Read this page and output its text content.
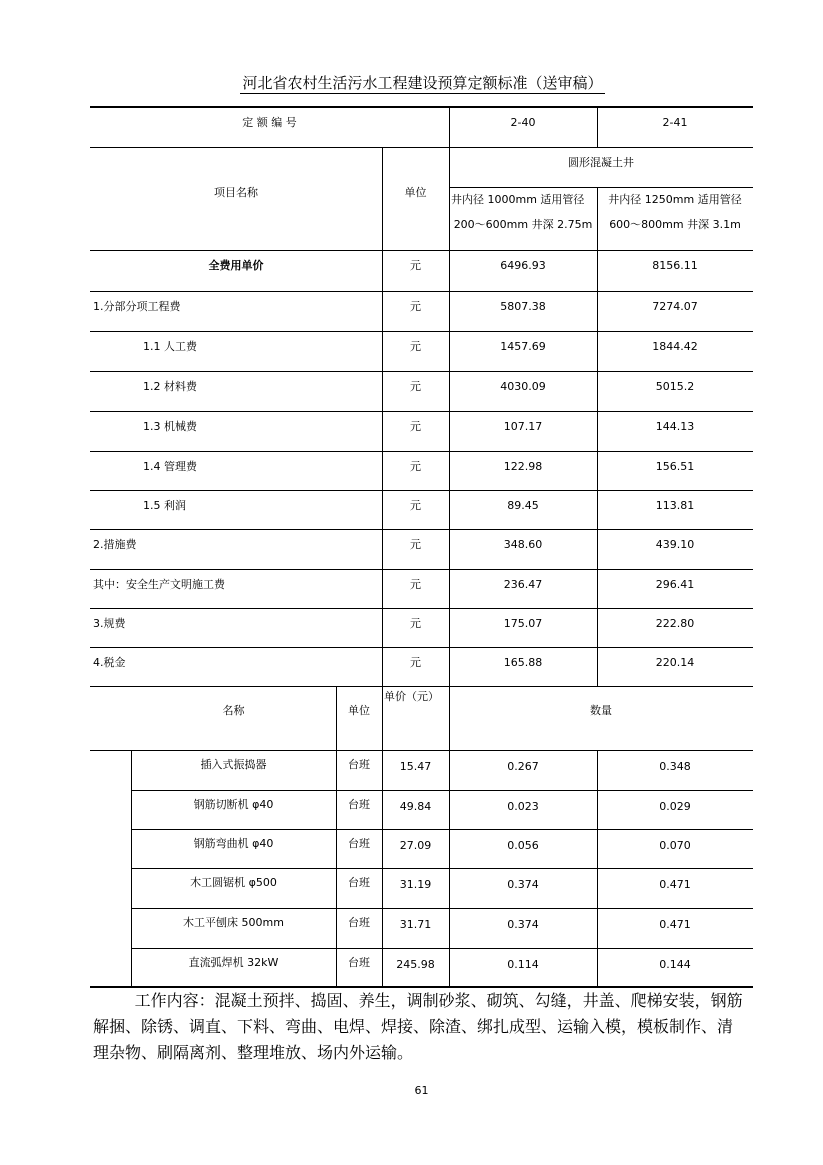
河北省农村生活污水工程建设预算定额标准（送审稿）
定 额 编 号	2-40	2-41
项目名称	单位
圆形混凝土井
井内径 1000mm 适用管径
200～600mm 井深 2.75m
井内径 1250mm 适用管径
600～800mm 井深 3.1m
全费用单价	元	6496.93	8156.11
1.分部分项工程费	元	5807.38	7274.07
1.1 人工费	元	1457.69	1844.42
1.2 材料费	元	4030.09	5015.2
1.3 机械费	元	107.17	144.13
1.4 管理费	元	122.98	156.51
1.5 利润	元	89.45	113.81
2.措施费	元	348.60	439.10
其中：安全生产文明施工费	元	236.47	296.41
3.规费	元	175.07	222.80
4.税金	元	165.88	220.14
名称	单位
单价（元）
数量
插入式振捣器	台班	15.47	0.267	0.348
钢筋切断机 φ40	台班	49.84	0.023	0.029
钢筋弯曲机 φ40	台班	27.09	0.056	0.070
木工圆锯机 φ500	台班	31.19	0.374	0.471
木工平刨床 500mm	台班	31.71	0.374	0.471
直流弧焊机 32kW	台班	245.98	0.114	0.144
工作内容：混凝土预拌、捣固、养生，调制砂浆、砌筑、勾缝，井盖、爬梯安装，钢筋解捆、除锈、调直、下料、弯曲、电焊、焊接、除渣、绑扎成型、运输入模，模板制作、清理杂物、刷隔离剂、整理堆放、场内外运输。
61
